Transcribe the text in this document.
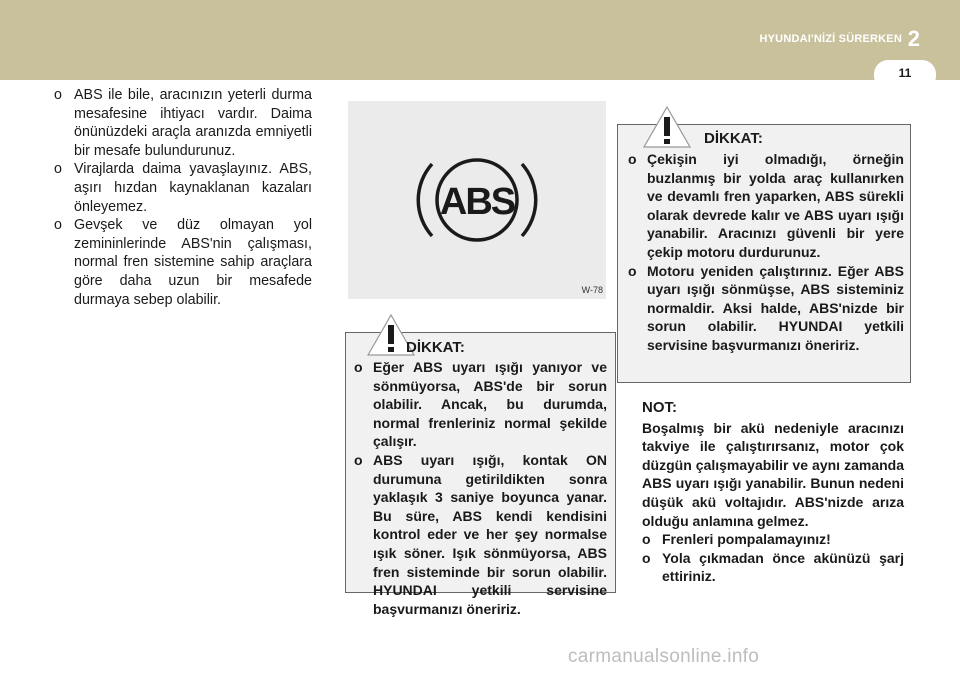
HYUNDAI'NİZİ SÜRERKEN 2
11
o ABS ile bile, aracınızın yeterli durma mesafesine ihtiyacı vardır. Daima önünüzdeki araçla aranızda emniyetli bir mesafe bulundurunuz.
o Virajlarda daima yavaşlayınız. ABS, aşırı hızdan kaynaklanan kazaları önleyemez.
o Gevşek ve düz olmayan yol zemininlerinde ABS'nin çalışması, normal fren sistemine sahip araçlara göre daha uzun bir mesafede durmaya sebep olabilir.
ABS
W-78
DİKKAT:
o Eğer ABS uyarı ışığı yanıyor ve sönmüyorsa, ABS'de bir sorun olabilir. Ancak, bu durumda, normal frenleriniz normal şekilde çalışır.
o ABS uyarı ışığı, kontak ON durumuna getirildikten sonra yaklaşık 3 saniye boyunca yanar. Bu süre, ABS kendi kendisini kontrol eder ve her şey normalse ışık söner. Işık sönmüyorsa, ABS fren sisteminde bir sorun olabilir. HYUNDAI yetkili servisine başvurmanızı öneririz.
DİKKAT:
o Çekişin iyi olmadığı, örneğin buzlanmış bir yolda araç kullanırken ve devamlı fren yaparken, ABS sürekli olarak devrede kalır ve ABS uyarı ışığı yanabilir. Aracınızı güvenli bir yere çekip motoru durdurunuz.
o Motoru yeniden çalıştırınız. Eğer ABS uyarı ışığı sönmüşse, ABS sisteminiz normaldir. Aksi halde, ABS'nizde bir sorun olabilir. HYUNDAI yetkili servisine başvurmanızı öneririz.
NOT:
Boşalmış bir akü nedeniyle aracınızı takviye ile çalıştırırsanız, motor çok düzgün çalışmayabilir ve aynı zamanda ABS uyarı ışığı yanabilir. Bunun nedeni düşük akü voltajıdır. ABS'nizde arıza olduğu anlamına gelmez.
o Frenleri pompalamayınız!
o Yola çıkmadan önce akünüzü şarj ettiriniz.
carmanualsonline.info
